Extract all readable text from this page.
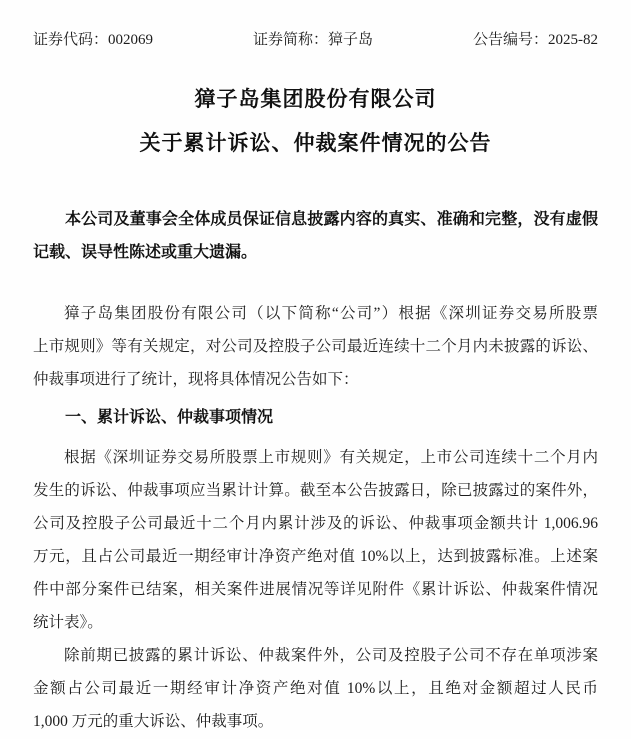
证券代码：002069	证券简称：獐子岛	公告编号：2025-82
獐子岛集团股份有限公司
关于累计诉讼、仲裁案件情况的公告
本公司及董事会全体成员保证信息披露内容的真实、准确和完整，没有虚假
记载、误导性陈述或重大遗漏。
獐子岛集团股份有限公司（以下简称“公司”）根据《深圳证券交易所股票
上市规则》等有关规定，对公司及控股子公司最近连续十二个月内未披露的诉讼、
仲裁事项进行了统计，现将具体情况公告如下：
一、累计诉讼、仲裁事项情况
根据《深圳证券交易所股票上市规则》有关规定，上市公司连续十二个月内
发生的诉讼、仲裁事项应当累计计算。截至本公告披露日，除已披露过的案件外，
公司及控股子公司最近十二个月内累计涉及的诉讼、仲裁事项金额共计 1,006.96
万元，且占公司最近一期经审计净资产绝对值 10%以上，达到披露标准。上述案
件中部分案件已结案，相关案件进展情况等详见附件《累计诉讼、仲裁案件情况
统计表》。
除前期已披露的累计诉讼、仲裁案件外，公司及控股子公司不存在单项涉案
金额占公司最近一期经审计净资产绝对值 10%以上，且绝对金额超过人民币
1,000 万元的重大诉讼、仲裁事项。
